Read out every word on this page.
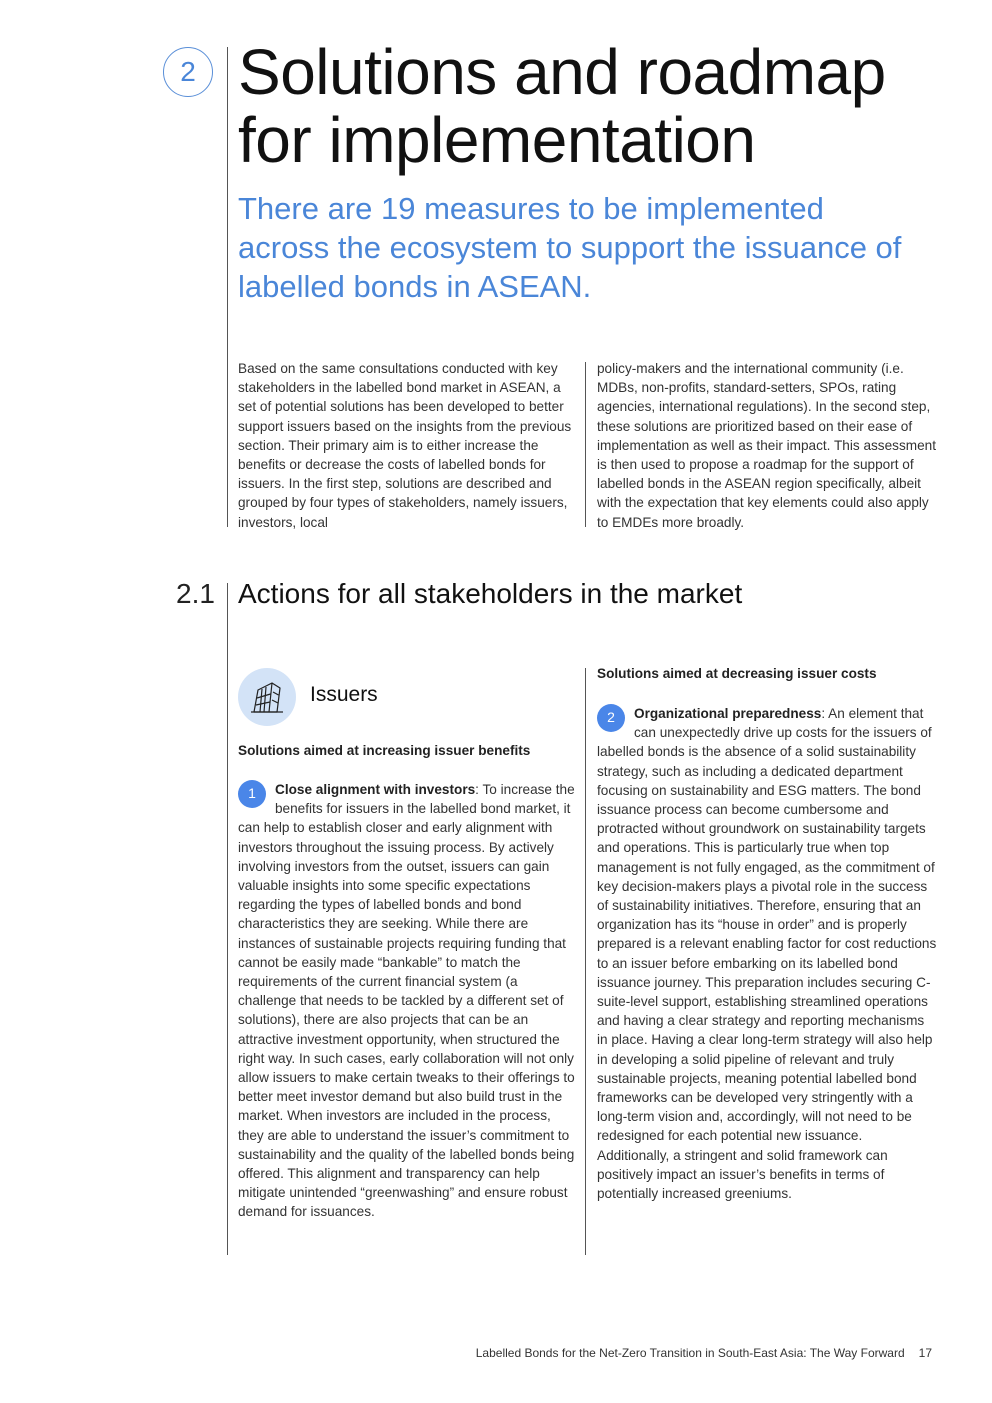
2 Solutions and roadmap for implementation
There are 19 measures to be implemented across the ecosystem to support the issuance of labelled bonds in ASEAN.

Based on the same consultations conducted with key stakeholders in the labelled bond market in ASEAN, a set of potential solutions has been developed to better support issuers based on the insights from the previous section. Their primary aim is to either increase the benefits or decrease the costs of labelled bonds for issuers. In the first step, solutions are described and grouped by four types of stakeholders, namely issuers, investors, local

policy-makers and the international community (i.e. MDBs, non-profits, standard-setters, SPOs, rating agencies, international regulations). In the second step, these solutions are prioritized based on their ease of implementation as well as their impact. This assessment is then used to propose a roadmap for the support of labelled bonds in the ASEAN region specifically, albeit with the expectation that key elements could also apply to EMDEs more broadly.

2.1 Actions for all stakeholders in the market
Issuers

Solutions aimed at increasing issuer benefits

1	Close alignment with investors: To increase the benefits for issuers in the labelled bond market, it can help to establish closer and early alignment with investors throughout the issuing process. By actively involving investors from the outset, issuers can gain valuable insights into some specific expectations regarding the types of labelled bonds and bond characteristics they are seeking. While there are instances of sustainable projects requiring funding that cannot be easily made “bankable” to match the requirements of the current financial system (a challenge that needs to be tackled by a different set of solutions), there are also projects that can be an attractive investment opportunity, when structured the right way. In such cases, early collaboration will not only allow issuers to make certain tweaks to their offerings to better meet investor demand but also build trust in the market. When investors are included in the process, they are able to understand the issuer’s commitment to sustainability and the quality of the labelled bonds being offered. This alignment and transparency can help mitigate unintended “greenwashing” and ensure robust demand for issuances.

Solutions aimed at decreasing issuer costs

2	Organizational preparedness: An element that can unexpectedly drive up costs for the issuers of labelled bonds is the absence of a solid sustainability strategy, such as including a dedicated department focusing on sustainability and ESG matters. The bond issuance process can become cumbersome and protracted without groundwork on sustainability targets and operations. This is particularly true when top management is not fully engaged, as the commitment of key decision-makers plays a pivotal role in the success of sustainability initiatives. Therefore, ensuring that an organization has its “house in order” and is properly prepared is a relevant enabling factor for cost reductions to an issuer before embarking on its labelled bond issuance journey. This preparation includes securing C-suite-level support, establishing streamlined operations and having a clear strategy and reporting mechanisms in place. Having a clear long-term strategy will also help in developing a solid pipeline of relevant and truly sustainable projects, meaning potential labelled bond frameworks can be developed very stringently with a long-term vision and, accordingly, will not need to be redesigned for each potential new issuance. Additionally, a stringent and solid framework can positively impact an issuer’s benefits in terms of potentially increased greeniums.

Labelled Bonds for the Net-Zero Transition in South-East Asia: The Way Forward 17
